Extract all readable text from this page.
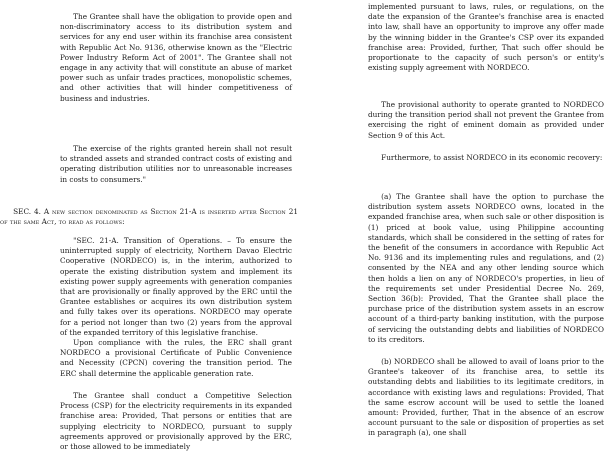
The Grantee shall have the obligation to provide open and non-discriminatory access to its distribution system and services for any end user within its franchise area consistent with Republic Act No. 9136, otherwise known as the "Electric Power Industry Reform Act of 2001". The Grantee shall not engage in any activity that will constitute an abuse of market power such as unfair trades practices, monopolistic schemes, and other activities that will hinder competitiveness of business and industries.

The exercise of the rights granted herein shall not result to stranded assets and stranded contract costs of existing and operating distribution utilities nor to unreasonable increases in costs to consumers."

SEC. 4. A new section denominated as Section 21-A is inserted after Section 21 of the same Act, to read as follows:

"SEC. 21-A. Transition of Operations. – To ensure the uninterrupted supply of electricity, Northern Davao Electric Cooperative (NORDECO) is, in the interim, authorized to operate the existing distribution system and implement its existing power supply agreements with generation companies that are provisionally or finally approved by the ERC until the Grantee establishes or acquires its own distribution system and fully takes over its operations. NORDECO may operate for a period not longer than two (2) years from the approval of the expanded territory of this legislative franchise.

Upon compliance with the rules, the ERC shall grant NORDECO a provisional Certificate of Public Convenience and Necessity (CPCN) covering the transition period. The ERC shall determine the applicable generation rate.

The Grantee shall conduct a Competitive Selection Process (CSP) for the electricity requirements in its expanded franchise area: Provided, That persons or entities that are supplying electricity to NORDECO, pursuant to supply agreements approved or provisionally approved by the ERC, or those allowed to be immediately

implemented pursuant to laws, rules, or regulations, on the date the expansion of the Grantee's franchise area is enacted into law, shall have an opportunity to improve any offer made by the winning bidder in the Grantee's CSP over its expanded franchise area: Provided, further, That such offer should be proportionate to the capacity of such person's or entity's existing supply agreement with NORDECO.

The provisional authority to operate granted to NORDECO during the transition period shall not prevent the Grantee from exercising the right of eminent domain as provided under Section 9 of this Act.

Furthermore, to assist NORDECO in its economic recovery:

(a) The Grantee shall have the option to purchase the distribution system assets NORDECO owns, located in the expanded franchise area, when such sale or other disposition is (1) priced at book value, using Philippine accounting standards, which shall be considered in the setting of rates for the benefit of the consumers in accordance with Republic Act No. 9136 and its implementing rules and regulations, and (2) consented by the NEA and any other lending source which then holds a lien on any of NORDECO's properties, in lieu of the requirements set under Presidential Decree No. 269, Section 36(b): Provided, That the Grantee shall place the purchase price of the distribution system assets in an escrow account of a third-party banking institution, with the purpose of servicing the outstanding debts and liabilities of NORDECO to its creditors.

(b) NORDECO shall be allowed to avail of loans prior to the Grantee's takeover of its franchise area, to settle its outstanding debts and liabilities to its legitimate creditors, in accordance with existing laws and regulations: Provided, That the same escrow account will be used to settle the loaned amount: Provided, further, That in the absence of an escrow account pursuant to the sale or disposition of properties as set in paragraph (a), one shall
